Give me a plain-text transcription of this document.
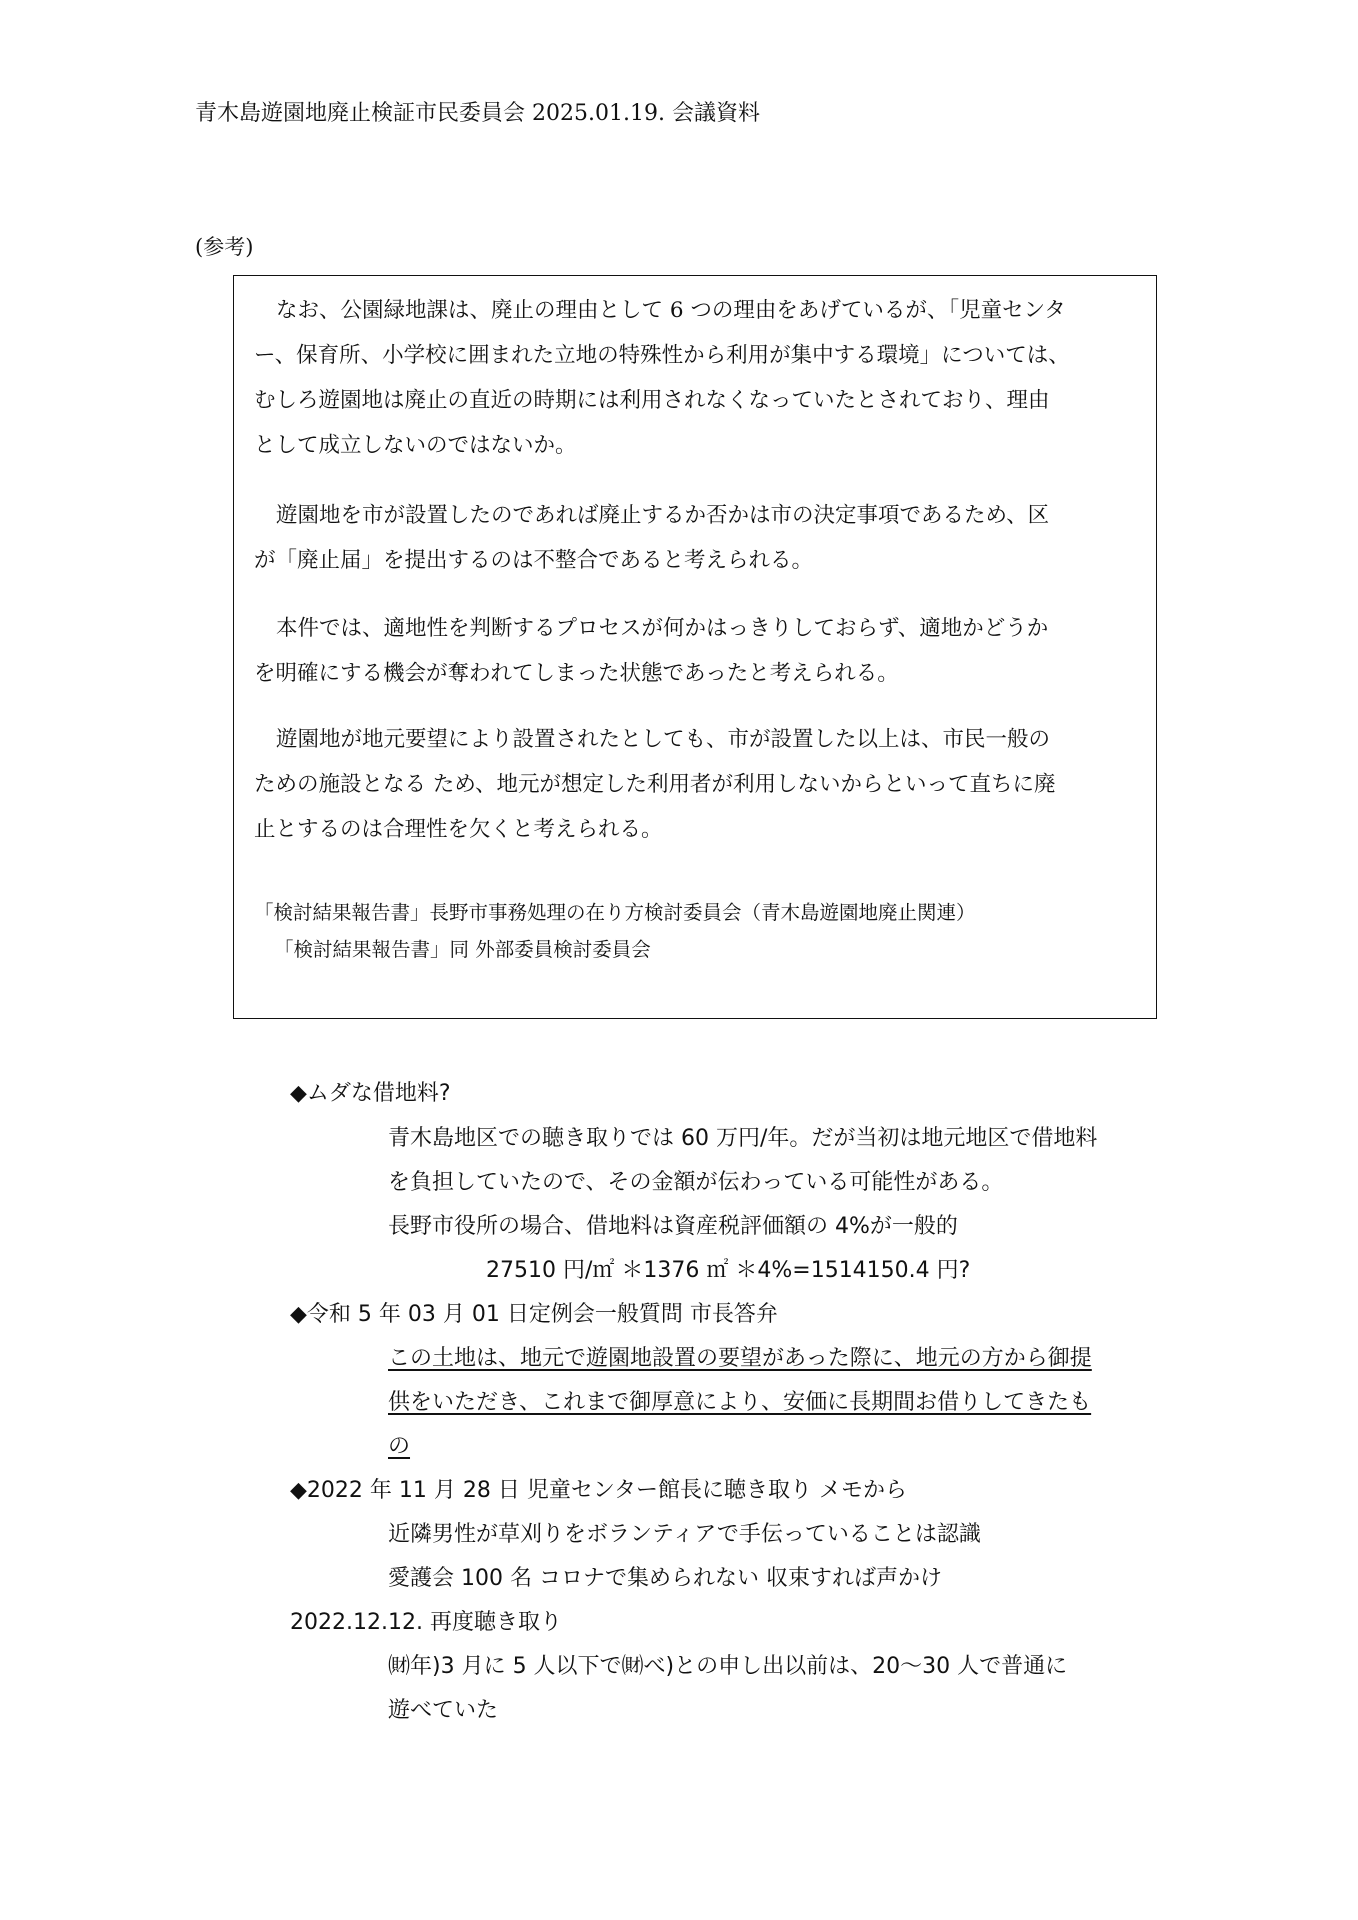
青木島遊園地廃止検証市民委員会 2025.01.19. 会議資料
(参考)
なお、公園緑地課は、廃止の理由として 6 つの理由をあげているが、「児童センタ
ー、保育所、小学校に囲まれた立地の特殊性から利用が集中する環境」については、
むしろ遊園地は廃止の直近の時期には利用されなくなっていたとされており、理由
として成立しないのではないか。
遊園地を市が設置したのであれば廃止するか否かは市の決定事項であるため、区
が「廃止届」を提出するのは不整合であると考えられる。
本件では、適地性を判断するプロセスが何かはっきりしておらず、適地かどうか
を明確にする機会が奪われてしまった状態であったと考えられる。
遊園地が地元要望により設置されたとしても、市が設置した以上は、市民一般の
ための施設となる ため、地元が想定した利用者が利用しないからといって直ちに廃
止とするのは合理性を欠くと考えられる。
「検討結果報告書」長野市事務処理の在り方検討委員会（青木島遊園地廃止関連）
「検討結果報告書」同 外部委員検討委員会
◆ムダな借地料?
青木島地区での聴き取りでは 60 万円/年。だが当初は地元地区で借地料
を負担していたので、その金額が伝わっている可能性がある。
長野市役所の場合、借地料は資産税評価額の 4%が一般的
27510 円/㎡ ＊1376 ㎡ ＊4%=1514150.4 円?
◆令和 5 年 03 月 01 日定例会一般質問 市長答弁
この土地は、地元で遊園地設置の要望があった際に、地元の方から御提
供をいただき、これまで御厚意により、安価に長期間お借りしてきたも
の
◆2022 年 11 月 28 日 児童センター館長に聴き取り メモから
近隣男性が草刈りをボランティアで手伝っていることは認識
愛護会 100 名 コロナで集められない 収束すれば声かけ
2022.12.12. 再度聴き取り
㈶年)3 月に 5 人以下で㈶べ)との申し出以前は、20〜30 人で普通に
遊べていた
